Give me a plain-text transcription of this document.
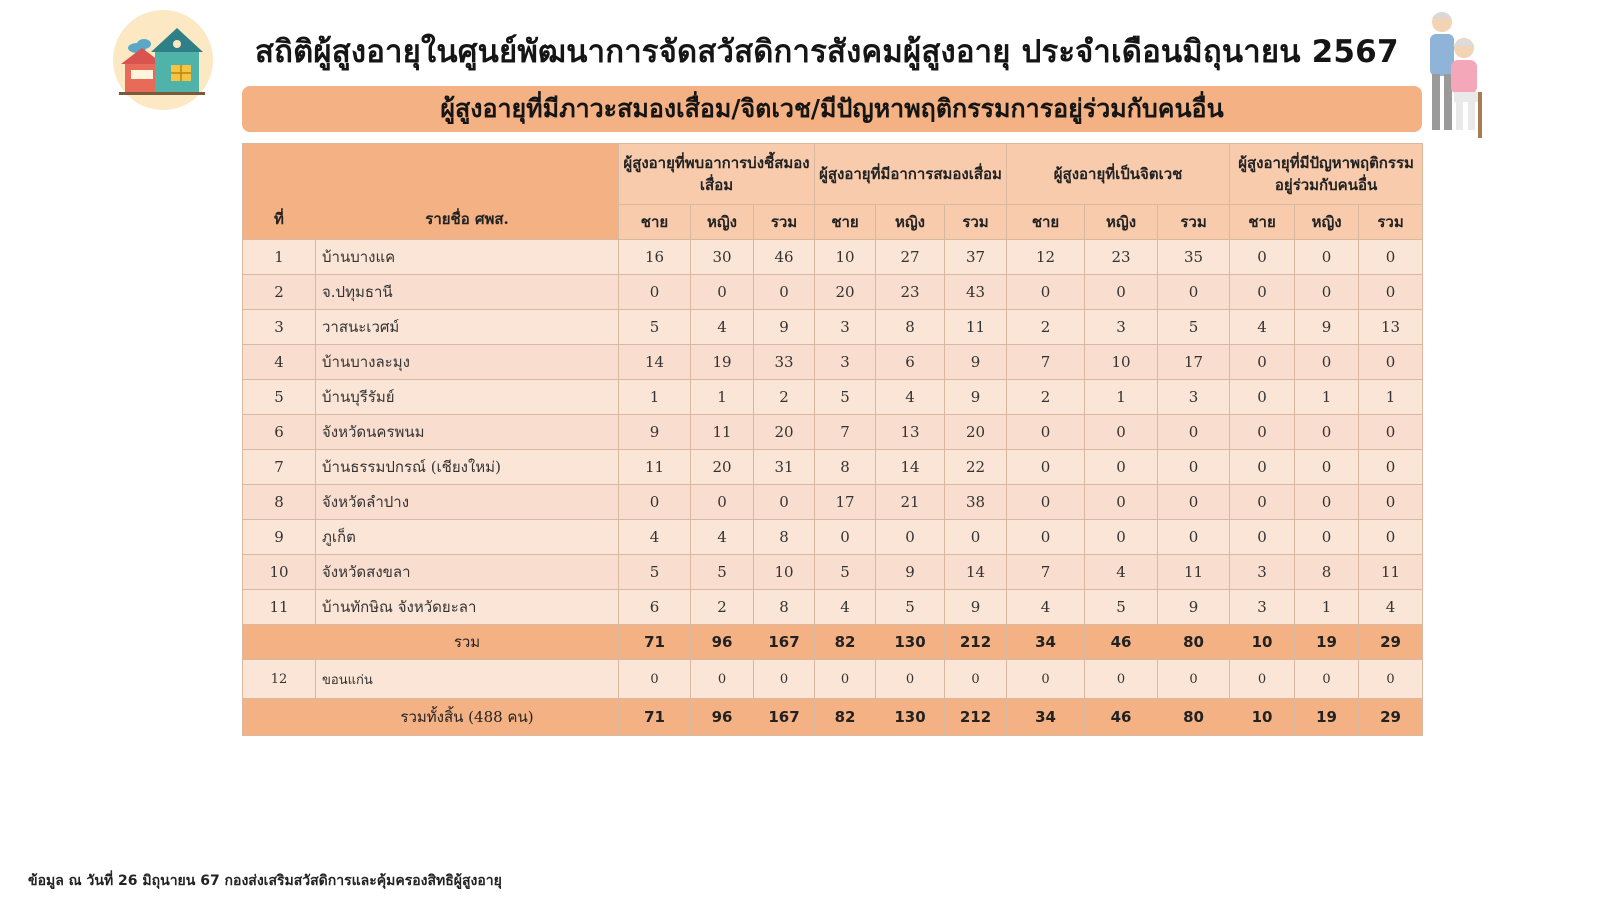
สถิติผู้สูงอายุในศูนย์พัฒนาการจัดสวัสดิการสังคมผู้สูงอายุ ประจำเดือนมิถุนายน 2567
ผู้สูงอายุที่มีภาวะสมองเสื่อม/จิตเวช/มีปัญหาพฤติกรรมการอยู่ร่วมกับคนอื่น
ที่	รายชื่อ ศพส.	ผู้สูงอายุที่พบอาการบ่งชี้สมองเสื่อม			ผู้สูงอายุที่มีอาการสมองเสื่อม			ผู้สูงอายุที่เป็นจิตเวช			ผู้สูงอายุที่มีปัญหาพฤติกรรมอยู่ร่วมกับคนอื่น		
		ชาย	หญิง	รวม	ชาย	หญิง	รวม	ชาย	หญิง	รวม	ชาย	หญิง	รวม
1	บ้านบางแค	16	30	46	10	27	37	12	23	35	0	0	0
2	จ.ปทุมธานี	0	0	0	20	23	43	0	0	0	0	0	0
3	วาสนะเวศม์	5	4	9	3	8	11	2	3	5	4	9	13
4	บ้านบางละมุง	14	19	33	3	6	9	7	10	17	0	0	0
5	บ้านบุรีรัมย์	1	1	2	5	4	9	2	1	3	0	1	1
6	จังหวัดนครพนม	9	11	20	7	13	20	0	0	0	0	0	0
7	บ้านธรรมปกรณ์ (เชียงใหม่)	11	20	31	8	14	22	0	0	0	0	0	0
8	จังหวัดลำปาง	0	0	0	17	21	38	0	0	0	0	0	0
9	ภูเก็ต	4	4	8	0	0	0	0	0	0	0	0	0
10	จังหวัดสงขลา	5	5	10	5	9	14	7	4	11	3	8	11
11	บ้านทักษิณ จังหวัดยะลา	6	2	8	4	5	9	4	5	9	3	1	4
	รวม	71	96	167	82	130	212	34	46	80	10	19	29
12	ขอนแก่น	0	0	0	0	0	0	0	0	0	0	0	0
	รวมทั้งสิ้น (488 คน)	71	96	167	82	130	212	34	46	80	10	19	29
ข้อมูล ณ วันที่ 26 มิถุนายน 67 กองส่งเสริมสวัสดิการและคุ้มครองสิทธิผู้สูงอายุ
